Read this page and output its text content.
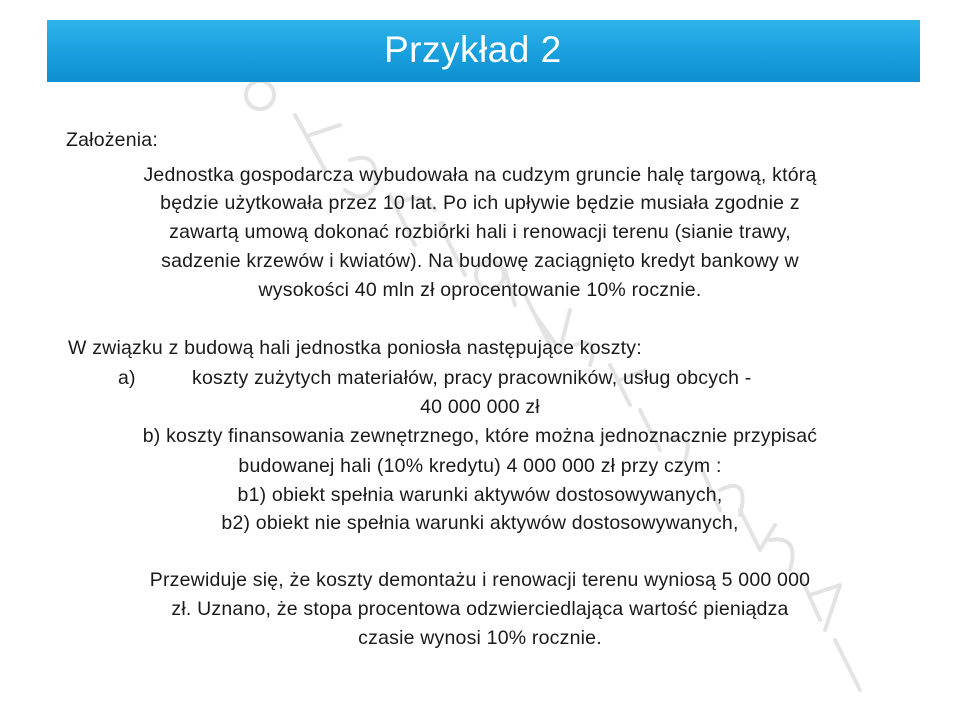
Przykład 2
Założenia:
Jednostka gospodarcza wybudowała na cudzym gruncie halę targową, którą
będzie użytkowała przez 10 lat. Po ich upływie będzie musiała zgodnie z
zawartą umową dokonać rozbiórki hali i renowacji terenu (sianie trawy,
sadzenie krzewów i kwiatów). Na budowę zaciągnięto kredyt bankowy w
wysokości 40 mln zł oprocentowanie 10% rocznie.
W związku z budową hali jednostka poniosła następujące koszty:
a)	koszty zużytych materiałów, pracy pracowników, usług obcych -
40 000 000 zł
b) koszty finansowania zewnętrznego, które można jednoznacznie przypisać
budowanej hali (10% kredytu) 4 000 000 zł przy czym :
b1) obiekt spełnia warunki aktywów dostosowywanych,
b2) obiekt nie spełnia warunki aktywów dostosowywanych,
Przewiduje się, że koszty demontażu i renowacji terenu wyniosą 5 000 000
zł. Uznano, że stopa procentowa odzwierciedlająca wartość pieniądza
czasie wynosi 10% rocznie.
